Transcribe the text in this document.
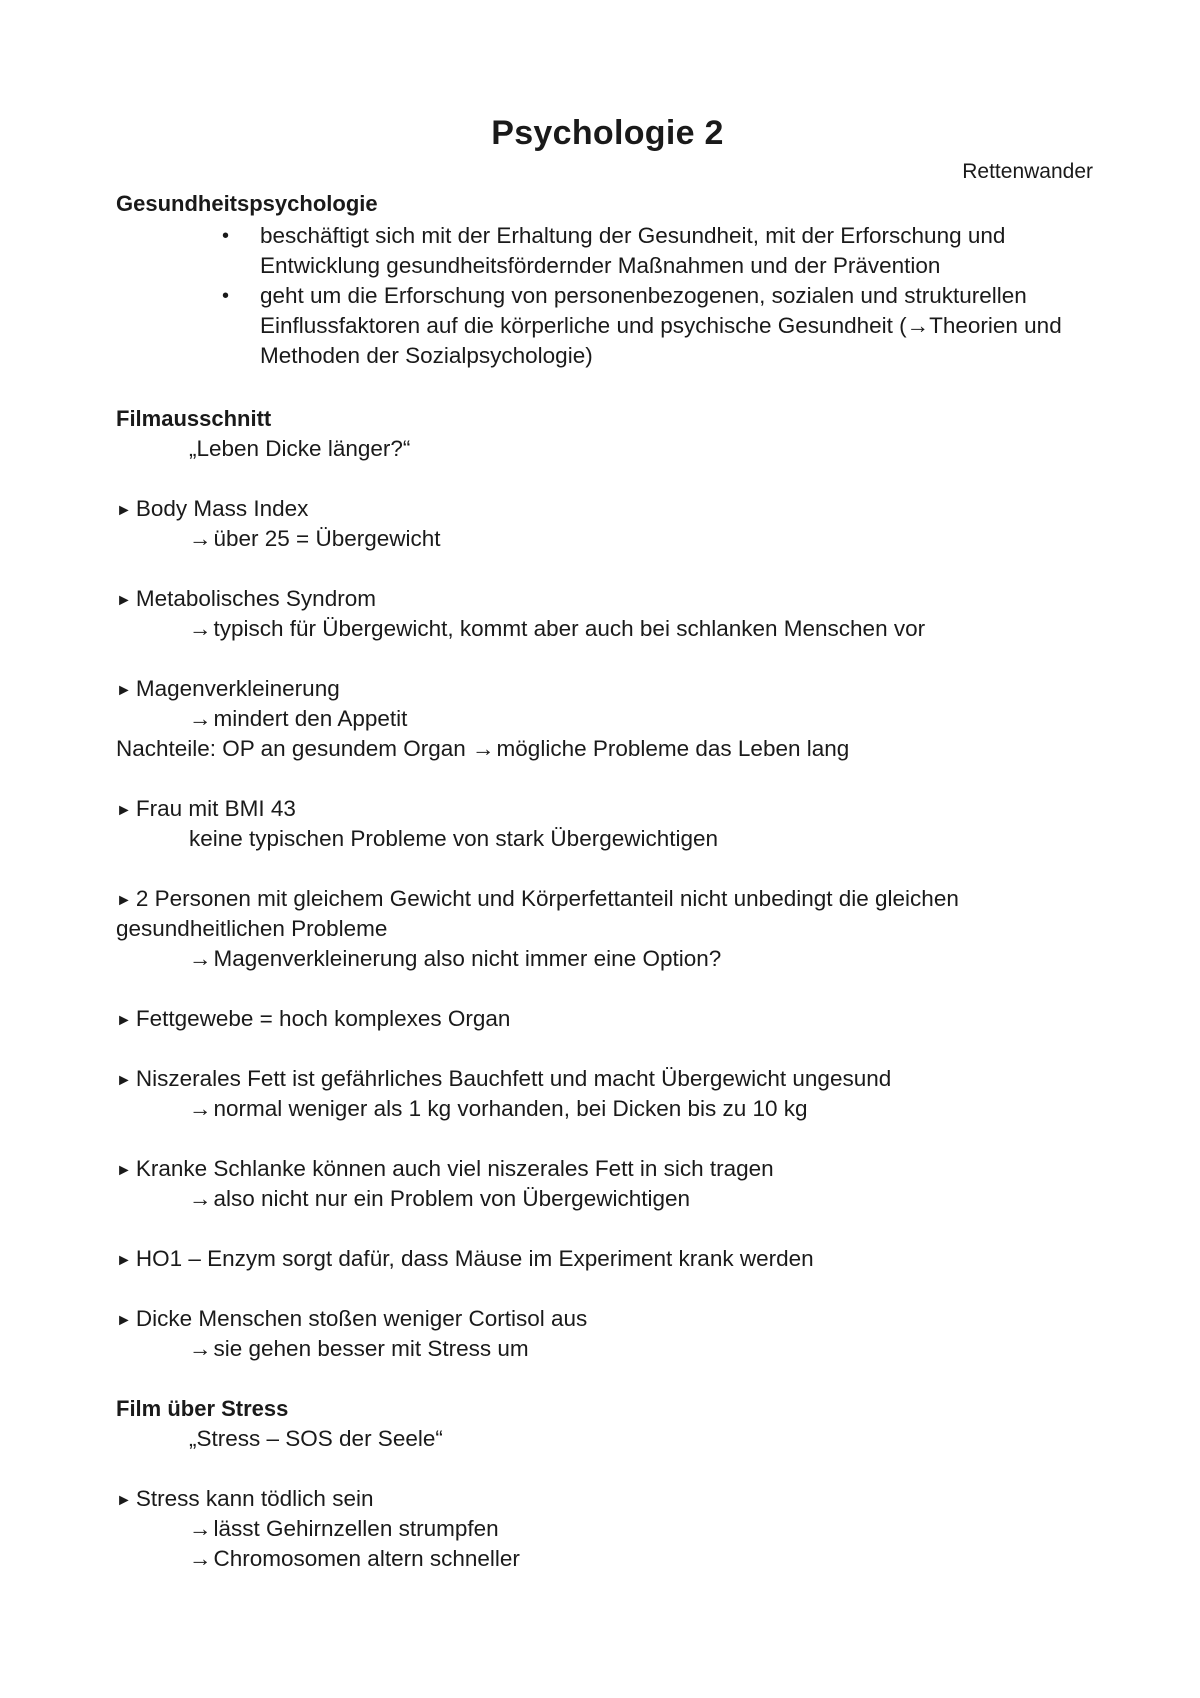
Psychologie 2
Rettenwander
Gesundheitspsychologie
• beschäftigt sich mit der Erhaltung der Gesundheit, mit der Erforschung und
Entwicklung gesundheitsfördernder Maßnahmen und der Prävention
• geht um die Erforschung von personenbezogenen, sozialen und strukturellen
Einflussfaktoren auf die körperliche und psychische Gesundheit (→Theorien und
Methoden der Sozialpsychologie)
Filmausschnitt
„Leben Dicke länger?“
► Body Mass Index
→über 25 = Übergewicht
► Metabolisches Syndrom
→typisch für Übergewicht, kommt aber auch bei schlanken Menschen vor
► Magenverkleinerung
→mindert den Appetit
Nachteile: OP an gesundem Organ →mögliche Probleme das Leben lang
► Frau mit BMI 43
keine typischen Probleme von stark Übergewichtigen
► 2 Personen mit gleichem Gewicht und Körperfettanteil nicht unbedingt die gleichen
gesundheitlichen Probleme
→Magenverkleinerung also nicht immer eine Option?
► Fettgewebe = hoch komplexes Organ
► Niszerales Fett ist gefährliches Bauchfett und macht Übergewicht ungesund
→normal weniger als 1 kg vorhanden, bei Dicken bis zu 10 kg
► Kranke Schlanke können auch viel niszerales Fett in sich tragen
→also nicht nur ein Problem von Übergewichtigen
► HO1 – Enzym sorgt dafür, dass Mäuse im Experiment krank werden
► Dicke Menschen stoßen weniger Cortisol aus
→sie gehen besser mit Stress um
Film über Stress
„Stress – SOS der Seele“
► Stress kann tödlich sein
→lässt Gehirnzellen strumpfen
→Chromosomen altern schneller
